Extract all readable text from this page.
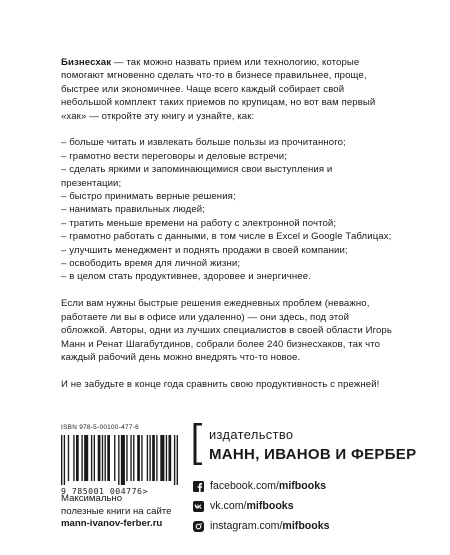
Бизнесхак — так можно назвать прием или технологию, которые помогают мгновенно сделать что-то в бизнесе правильнее, проще, быстрее или экономичнее. Чаще всего каждый собирает свой небольшой комплект таких приемов по крупицам, но вот вам первый «хак» — откройте эту книгу и узнайте, как:

– больше читать и извлекать больше пользы из прочитанного;
– грамотно вести переговоры и деловые встречи;
– сделать яркими и запоминающимися свои выступления и презентации;
– быстро принимать верные решения;
– нанимать правильных людей;
– тратить меньше времени на работу с электронной почтой;
– грамотно работать с данными, в том числе в Excel и Google Таблицах;
– улучшить менеджмент и поднять продажи в своей компании;
– освободить время для личной жизни;
– в целом стать продуктивнее, здоровее и энергичнее.

Если вам нужны быстрые решения ежедневных проблем (неважно, работаете ли вы в офисе или удаленно) — они здесь, под этой обложкой. Авторы, одни из лучших специалистов в своей области Игорь Манн и Ренат Шагабутдинов, собрали более 240 бизнесхаков, так что каждый рабочий день можно внедрять что-то новое.

И не забудьте в конце года сравнить свою продуктивность с прежней!

ISBN 978-5-00100-477-6
9 785001 004776>
Максимально
полезные книги на сайте
mann-ivanov-ferber.ru
издательство
МАНН, ИВАНОВ И ФЕРБЕР
facebook.com/mifbooks
vk.com/mifbooks
instagram.com/mifbooks
